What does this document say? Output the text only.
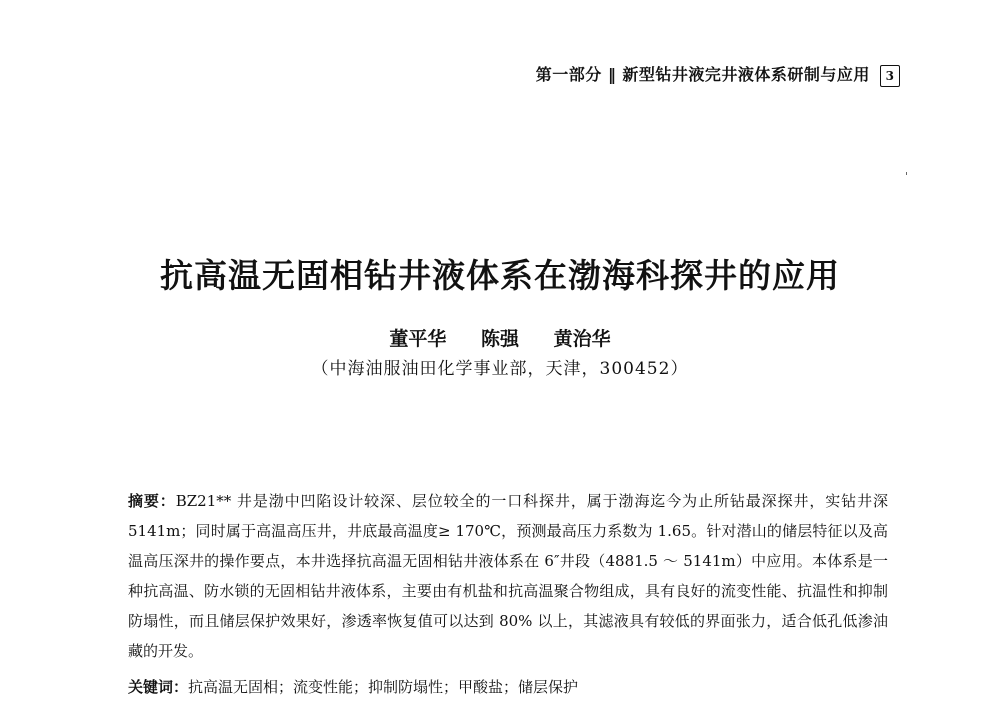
第一部分 ‖ 新型钻井液完井液体系研制与应用 3
抗高温无固相钻井液体系在渤海科探井的应用
董平华 陈强 黄治华
（中海油服油田化学事业部，天津，300452）
摘要：BZ21** 井是渤中凹陷设计较深、层位较全的一口科探井，属于渤海迄今为止所钻最深探井，实钻井深 5141m；同时属于高温高压井，井底最高温度≥ 170℃，预测最高压力系数为 1.65。针对潜山的储层特征以及高温高压深井的操作要点，本井选择抗高温无固相钻井液体系在 6″井段（4881.5 ～ 5141m）中应用。本体系是一种抗高温、防水锁的无固相钻井液体系，主要由有机盐和抗高温聚合物组成，具有良好的流变性能、抗温性和抑制防塌性，而且储层保护效果好，渗透率恢复值可以达到 80% 以上，其滤液具有较低的界面张力，适合低孔低渗油藏的开发。
关键词：抗高温无固相；流变性能；抑制防塌性；甲酸盐；储层保护
